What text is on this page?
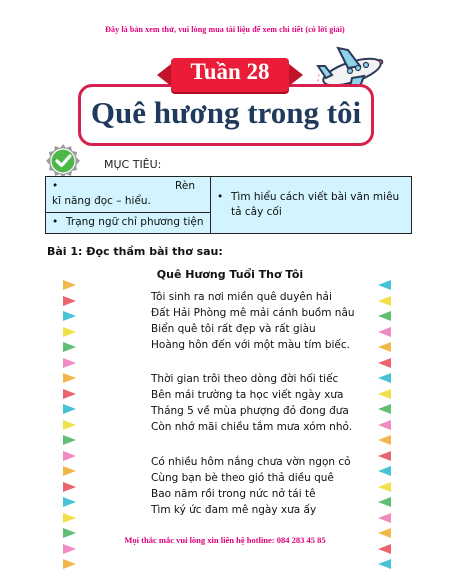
Đây là bản xem thử, vui lòng mua tài liệu để xem chi tiết (có lời giải)
Tuần 28
Quê hương trong tôi
MỤC TIÊU:
•	Rèn
kĩ năng đọc – hiểu.	• Tìm hiểu cách viết bài văn miêu tả cây cối

• Trạng ngữ chỉ phương tiện
Bài 1: Đọc thầm bài thơ sau:
Quê Hương Tuổi Thơ Tôi
Tôi sinh ra nơi miền quê duyên hải
Đất Hải Phòng mê mải cánh buồm nâu
Biển quê tôi rất đẹp và rất giàu
Hoàng hôn đến với một màu tím biếc.
Thời gian trôi theo dòng đời hối tiếc
Bên mái trường ta học viết ngày xưa
Tháng 5 về mùa phượng đỏ đong đưa
Còn nhớ mãi chiều tắm mưa xóm nhỏ.
Có nhiều hôm nắng chưa vờn ngọn cỏ
Cùng bạn bè theo gió thả diều quê
Bao năm rồi trong nức nở tái tê
Tìm ký ức đam mê ngày xưa ấy
Mọi thắc mắc vui lòng xin liên hệ hotline: 084 283 45 85
